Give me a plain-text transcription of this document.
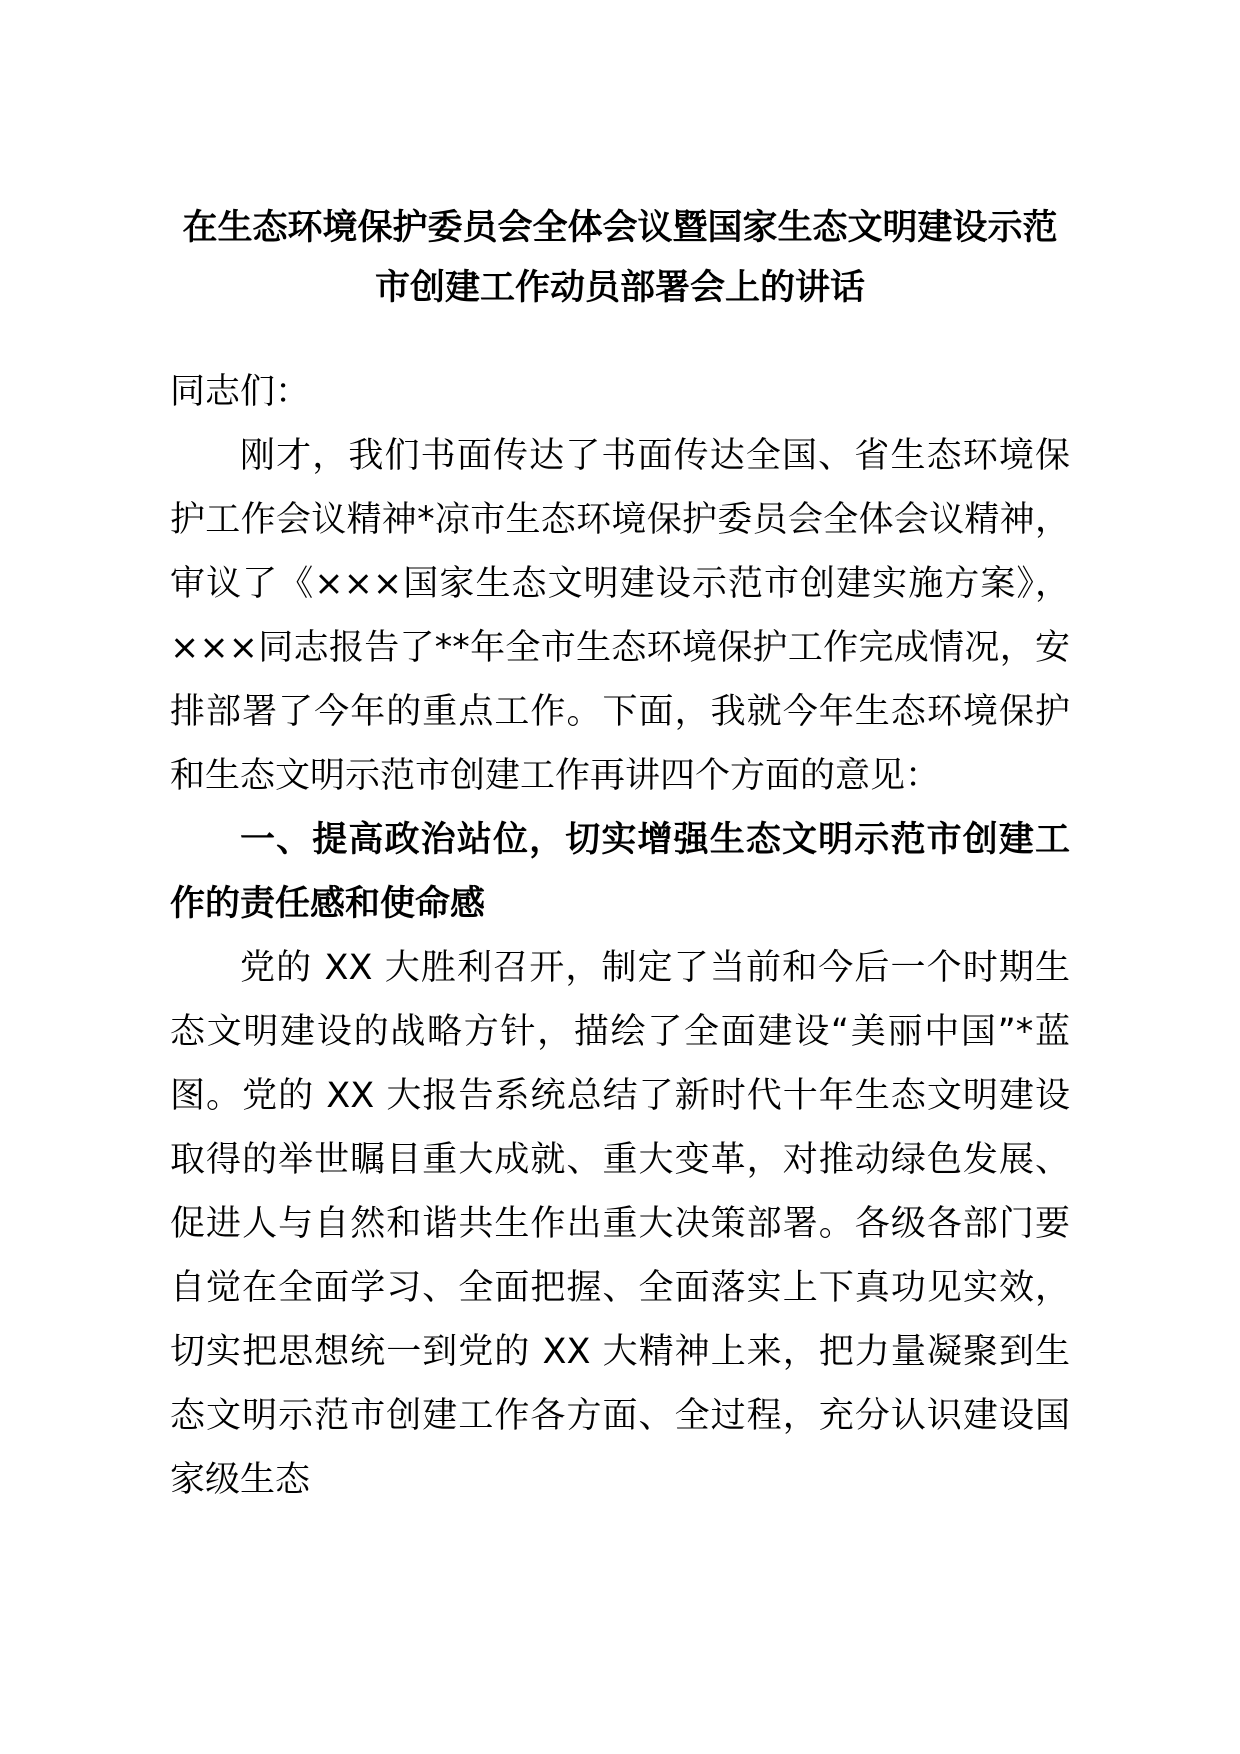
在生态环境保护委员会全体会议暨国家生态文明建设示范市创建工作动员部署会上的讲话

同志们：

刚才，我们书面传达了书面传达全国、省生态环境保护工作会议精神*凉市生态环境保护委员会全体会议精神，审议了《×××国家生态文明建设示范市创建实施方案》，×××同志报告了**年全市生态环境保护工作完成情况，安排部署了今年的重点工作。下面，我就今年生态环境保护和生态文明示范市创建工作再讲四个方面的意见：

一、提高政治站位，切实增强生态文明示范市创建工作的责任感和使命感

党的 XX 大胜利召开，制定了当前和今后一个时期生态文明建设的战略方针，描绘了全面建设“美丽中国”*蓝图。党的 XX 大报告系统总结了新时代十年生态文明建设取得的举世瞩目重大成就、重大变革，对推动绿色发展、促进人与自然和谐共生作出重大决策部署。各级各部门要自觉在全面学习、全面把握、全面落实上下真功见实效，切实把思想统一到党的 XX 大精神上来，把力量凝聚到生态文明示范市创建工作各方面、全过程，充分认识建设国家级生态
